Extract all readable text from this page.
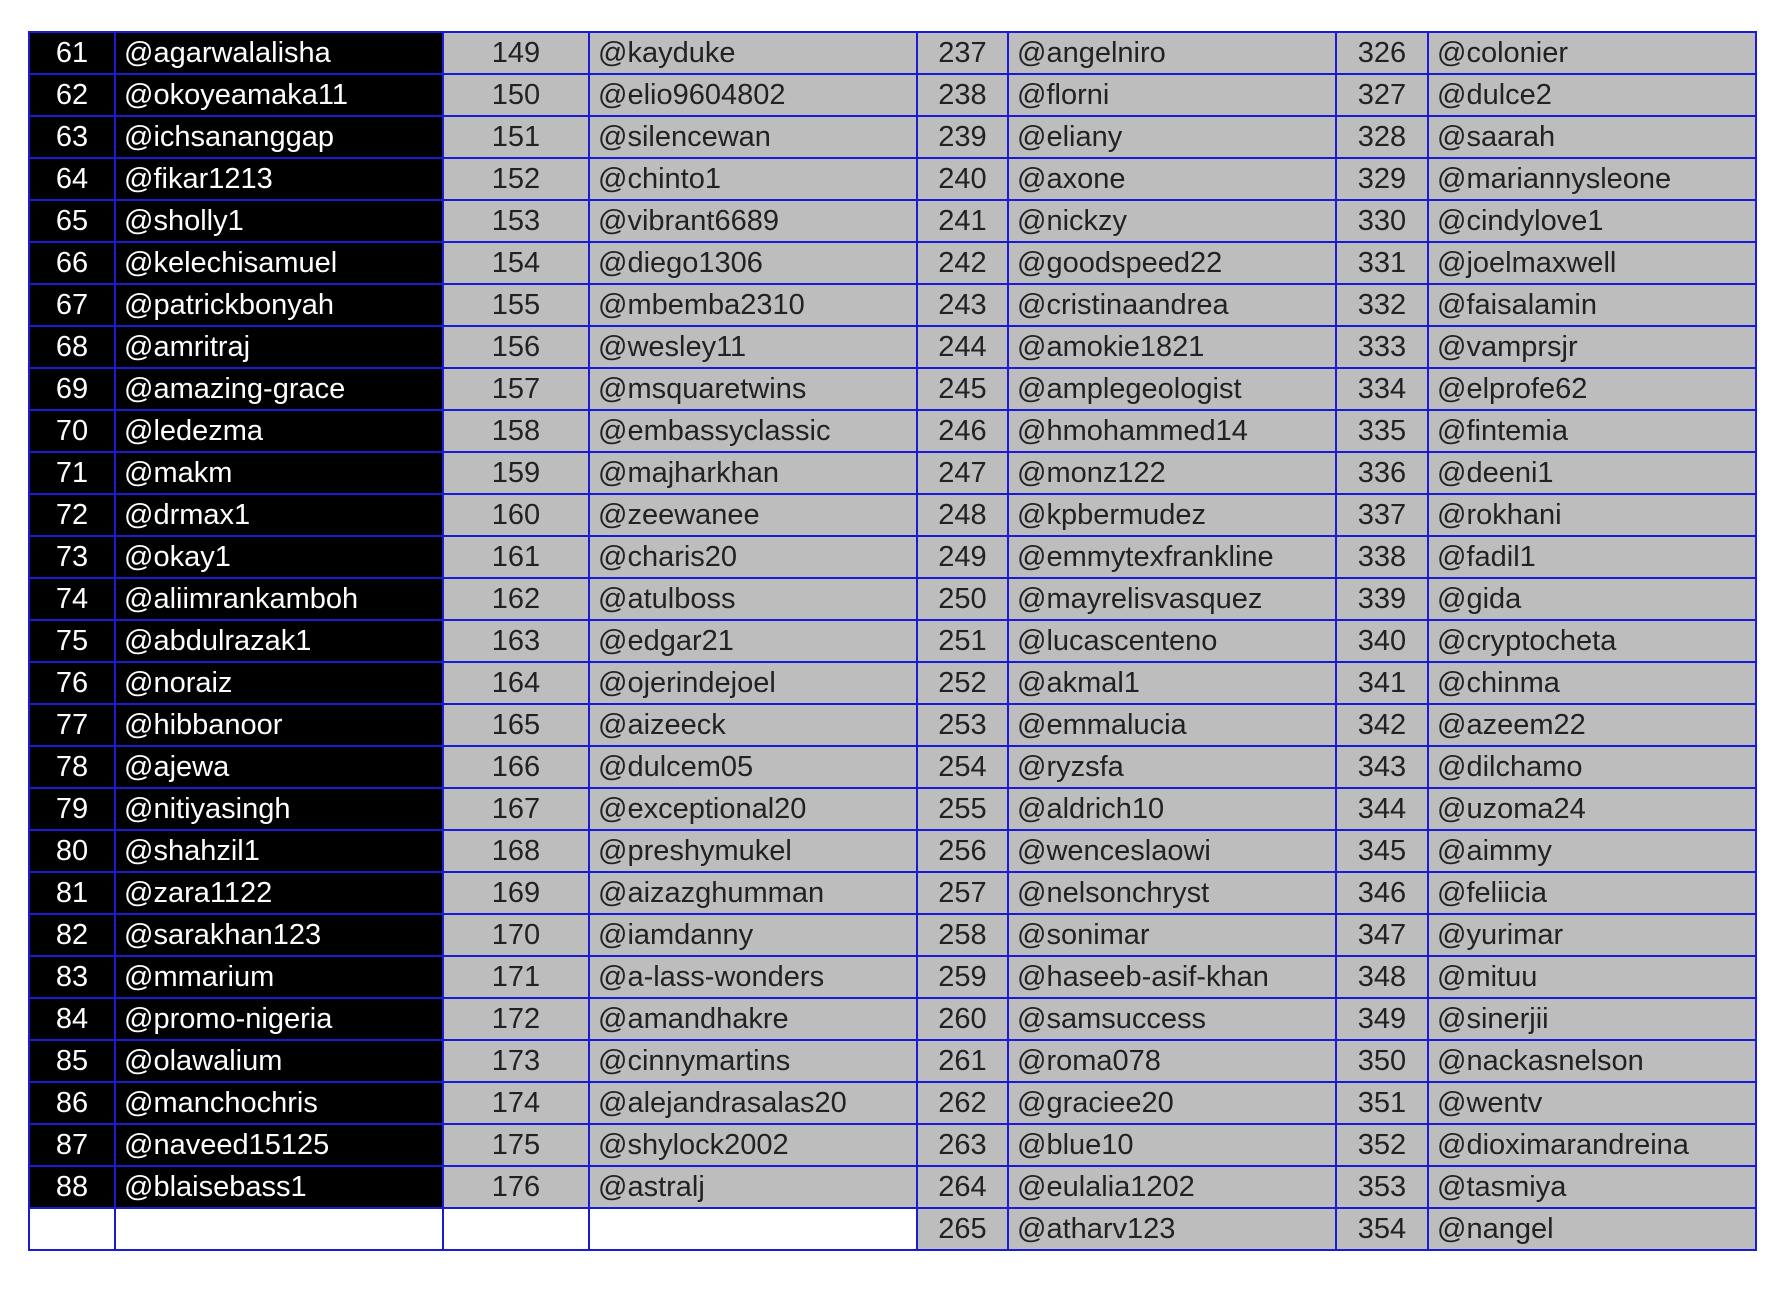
61	@agarwalalisha	149	@kayduke	237	@angelniro	326	@colonier
62	@okoyeamaka11	150	@elio9604802	238	@florni	327	@dulce2
63	@ichsananggap	151	@silencewan	239	@eliany	328	@saarah
64	@fikar1213	152	@chinto1	240	@axone	329	@mariannysleone
65	@sholly1	153	@vibrant6689	241	@nickzy	330	@cindylove1
66	@kelechisamuel	154	@diego1306	242	@goodspeed22	331	@joelmaxwell
67	@patrickbonyah	155	@mbemba2310	243	@cristinaandrea	332	@faisalamin
68	@amritraj	156	@wesley11	244	@amokie1821	333	@vamprsjr
69	@amazing-grace	157	@msquaretwins	245	@amplegeologist	334	@elprofe62
70	@ledezma	158	@embassyclassic	246	@hmohammed14	335	@fintemia
71	@makm	159	@majharkhan	247	@monz122	336	@deeni1
72	@drmax1	160	@zeewanee	248	@kpbermudez	337	@rokhani
73	@okay1	161	@charis20	249	@emmytexfrankline	338	@fadil1
74	@aliimrankamboh	162	@atulboss	250	@mayrelisvasquez	339	@gida
75	@abdulrazak1	163	@edgar21	251	@lucascenteno	340	@cryptocheta
76	@noraiz	164	@ojerindejoel	252	@akmal1	341	@chinma
77	@hibbanoor	165	@aizeeck	253	@emmalucia	342	@azeem22
78	@ajewa	166	@dulcem05	254	@ryzsfa	343	@dilchamo
79	@nitiyasingh	167	@exceptional20	255	@aldrich10	344	@uzoma24
80	@shahzil1	168	@preshymukel	256	@wenceslaowi	345	@aimmy
81	@zara1122	169	@aizazghumman	257	@nelsonchryst	346	@feliicia
82	@sarakhan123	170	@iamdanny	258	@sonimar	347	@yurimar
83	@mmarium	171	@a-lass-wonders	259	@haseeb-asif-khan	348	@mituu
84	@promo-nigeria	172	@amandhakre	260	@samsuccess	349	@sinerjii
85	@olawalium	173	@cinnymartins	261	@roma078	350	@nackasnelson
86	@manchochris	174	@alejandrasalas20	262	@graciee20	351	@wentv
87	@naveed15125	175	@shylock2002	263	@blue10	352	@dioximarandreina
88	@blaisebass1	176	@astralj	264	@eulalia1202	353	@tasmiya
				265	@atharv123	354	@nangel
